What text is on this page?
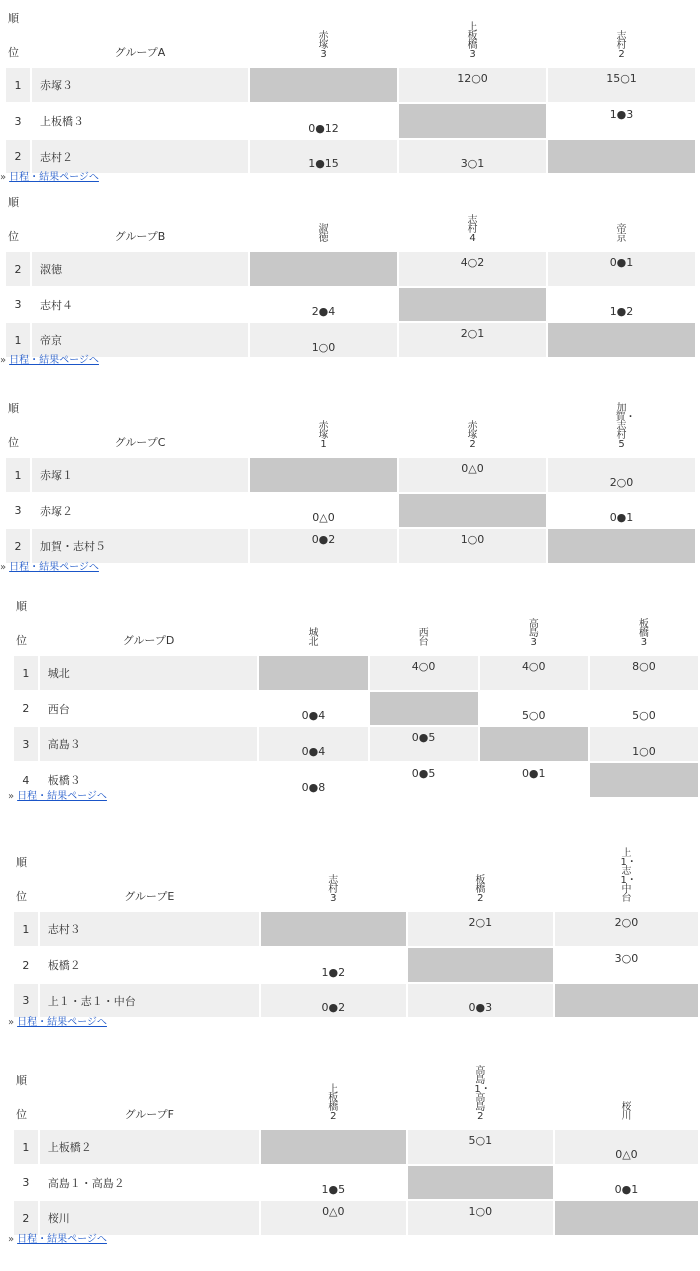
順
位	グループA	赤塚3	上板橋3	志村2
1	赤塚３		12○0	15○1
3	上板橋３	0●12		1●3
2	志村２	1●15	3○1	
» 日程・結果ページへ
順
位	グループB	淑徳	志村4	帝京
2	淑徳		4○2	0●1
3	志村４	2●4		1●2
1	帝京	1○0	2○1	
» 日程・結果ページへ
順
位	グループC	赤塚1	赤塚2	加賀・志村5
1	赤塚１		0△0	2○0
3	赤塚２	0△0		0●1
2	加賀・志村５	0●2	1○0	
» 日程・結果ページへ
順
位	グループD	城北	西台	高島3	板橋3
1	城北		4○0	4○0	8○0
2	西台	0●4		5○0	5○0
3	高島３	0●4	0●5		1○0
4	板橋３	0●8	0●5	0●1	
» 日程・結果ページへ
順
位	グループE	志村3	板橋2	上1・志1・中台
1	志村３		2○1	2○0
2	板橋２	1●2		3○0
3	上１・志１・中台	0●2	0●3	
» 日程・結果ページへ
順
位	グループF	上板橋2	高島1・高島2	桜川
1	上板橋２		5○1	0△0
3	高島１・高島２	1●5		0●1
2	桜川	0△0	1○0	
» 日程・結果ページへ
